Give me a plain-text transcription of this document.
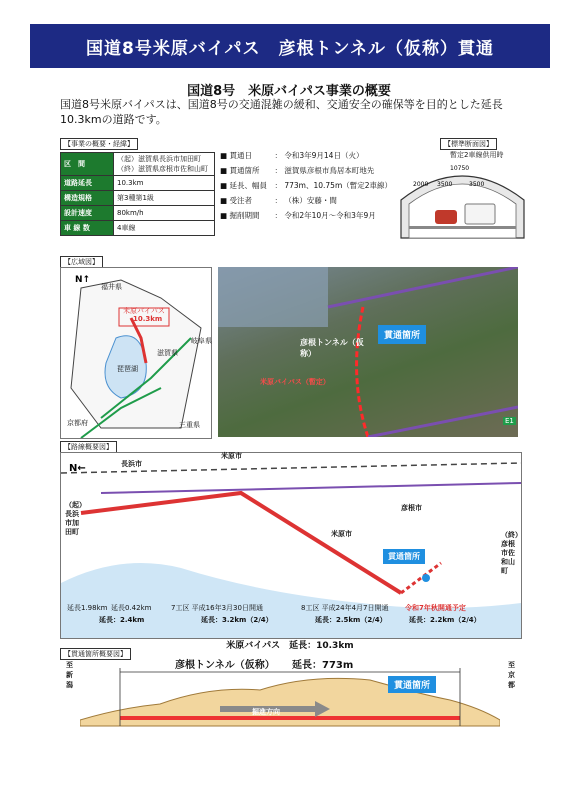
国道8号米原バイパス　彦根トンネル（仮称）貫通
国道8号　米原バイパス事業の概要
国道8号米原バイパスは、国道8号の交通混雑の緩和、交通安全の確保等を目的とした延長10.3kmの道路です。
【事業の概要・経緯】
区　間	（起）滋賀県長浜市加田町
（終）滋賀県彦根市佐和山町
道路延長	10.3km
構造規格	第3種第1級
設計速度	80km/h
車 線 数	4車線
■ 貫通日　　　： 令和3年9月14日（火）
■ 貫通箇所　　： 滋賀県彦根市鳥居本町地先
■ 延長、幅員　： 773m、10.75m（暫定2車線）
■ 受注者　　　： （株）安藤・間
■ 掘削期間　　： 令和2年10月～令和3年9月
【標準断面図】
暫定2車線供用時
10750
2000 3500	3500
【広域図】
N↑
福井県
米原バイパス
10.3km
滋賀県
琵琶湖
岐阜県
三重県
京都府
貫通箇所
彦根トンネル（仮称）
米原バイパス（暫定）
E1
【路線概要図】
N←	長浜市
米原市
彦根市
米原市
（起）長浜市加田町	（終）彦根市佐和山町
貫通箇所
令和7年秋開通予定
延長1.98km 延長0.42km
延長：2.4km
7工区 平成16年3月30日開通
延長：3.2km（2/4）
8工区 平成24年4月7日開通
延長：2.5km（2/4）	延長：2.2km（2/4）
米原バイパス　延長：10.3km
【貫通箇所概要図】
彦根トンネル（仮称） 延長：773m
至新潟
至京都
貫通箇所
掘進方向
